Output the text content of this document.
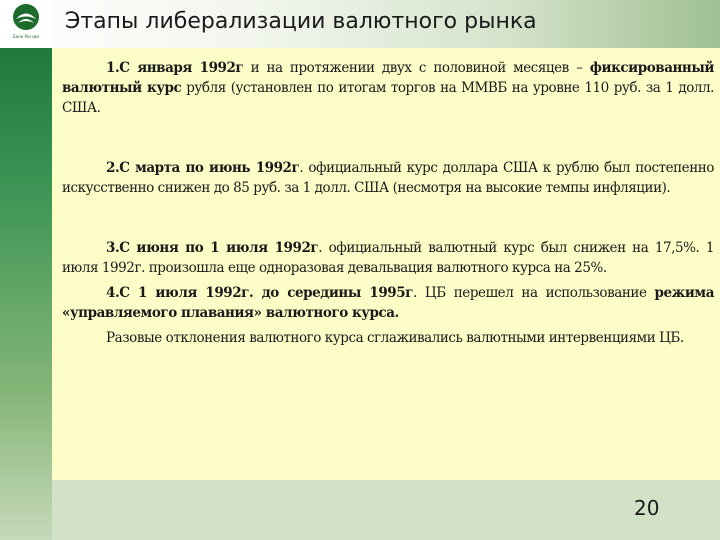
Банк России
Этапы либерализации валютного рынка

1.С января 1992г и на протяжении двух с половиной месяцев – фиксированный валютный курс рубля (установлен по итогам торгов на ММВБ на уровне 110 руб. за 1 долл. США.

2.С марта по июнь 1992г. официальный курс доллара США к рублю был постепенно искусственно снижен до 85 руб. за 1 долл. США (несмотря на высокие темпы инфляции).

3.С июня по 1 июля 1992г. официальный валютный курс был снижен на 17,5%. 1 июля 1992г. произошла еще одноразовая девальвация валютного курса на 25%.

4.С 1 июля 1992г. до середины 1995г. ЦБ перешел на использование режима «управляемого плавания» валютного курса.

Разовые отклонения валютного курса сглаживались валютными интервенциями ЦБ.

20
